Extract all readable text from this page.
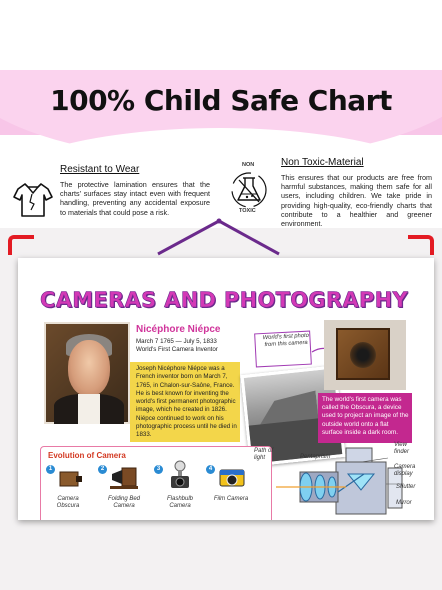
100% Child Safe Chart
Resistant to Wear
The protective lamination ensures that the charts' surfaces stay intact even with frequent handling, preventing any accidental exposure to materials that could pose a risk.
NON
TOXIC
Non Toxic-Material
This ensures that our products are free from harmful substances, making them safe for all users, including children. We take pride in providing high-quality, eco-friendly charts that contribute to a healthier and greener environment.
CAMERAS AND PHOTOGRAPHY
Nicéphore Niépce
March 7 1765 — July 5, 1833
World's First Camera Inventor
Joseph Nicéphore Niépce was a French inventor born on March 7, 1765, in Chalon-sur-Saône, France. He is best known for inventing the world's first permanent photographic image, which he created in 1826. Niépce continued to work on his photographic process until he died in 1833.
World's first photo from this camera
The world's first camera was called the Obscura, a device used to project an image of the outside world onto a flat surface inside a dark room.
Evolution of Camera
1
Camera Obscura
2
Folding Bed Camera
3
Flashbulb Camera
4
Film Camera
Path of light	Pentaprism
View finder
Camera display
Shutter
Mirror
